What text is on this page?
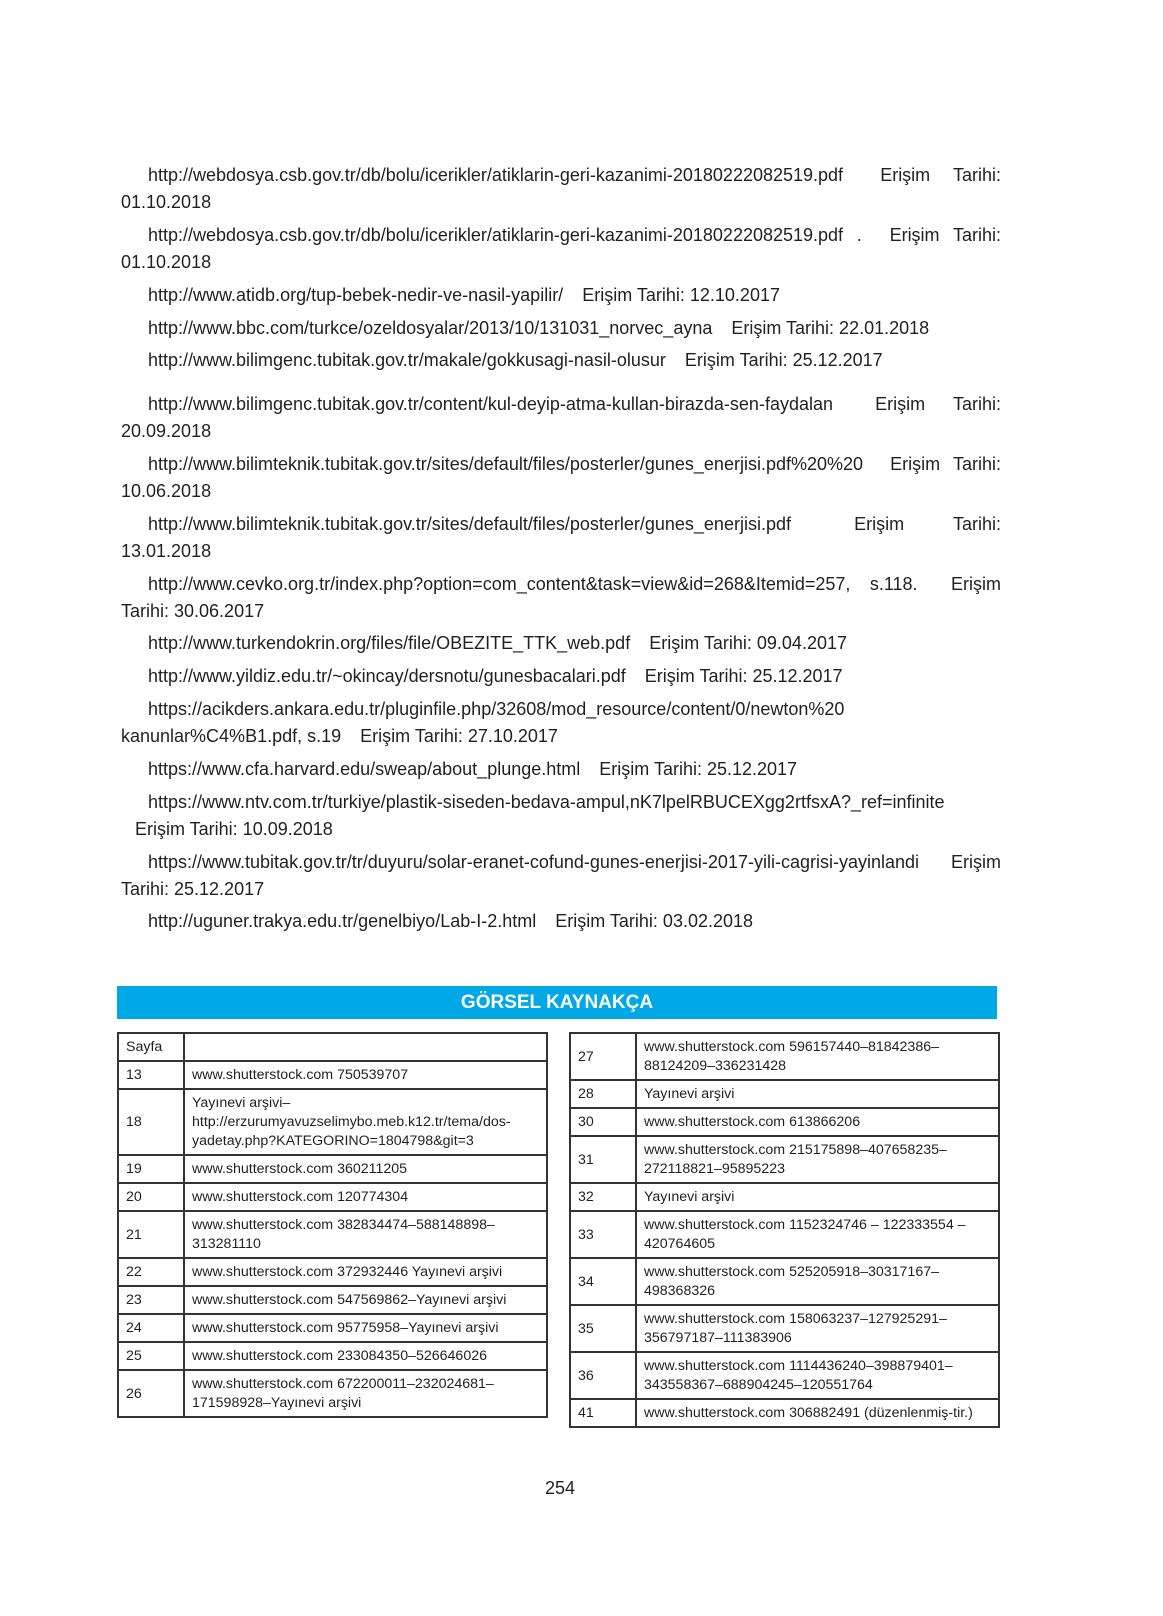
http://webdosya.csb.gov.tr/db/bolu/icerikler/atiklarin-geri-kazanimi-20180222082519.pdf Erişim Tarihi: 01.10.2018
http://webdosya.csb.gov.tr/db/bolu/icerikler/atiklarin-geri-kazanimi-20180222082519.pdf . Erişim Tarihi: 01.10.2018
http://www.atidb.org/tup-bebek-nedir-ve-nasil-yapilir/ Erişim Tarihi: 12.10.2017
http://www.bbc.com/turkce/ozeldosyalar/2013/10/131031_norvec_ayna Erişim Tarihi: 22.01.2018
http://www.bilimgenc.tubitak.gov.tr/makale/gokkusagi-nasil-olusur Erişim Tarihi: 25.12.2017
http://www.bilimgenc.tubitak.gov.tr/content/kul-deyip-atma-kullan-birazda-sen-faydalan Erişim Tarihi: 20.09.2018
http://www.bilimteknik.tubitak.gov.tr/sites/default/files/posterler/gunes_enerjisi.pdf%20%20 Erişim Tarihi: 10.06.2018
http://www.bilimteknik.tubitak.gov.tr/sites/default/files/posterler/gunes_enerjisi.pdf	Erişim Tarihi: 13.01.2018
http://www.cevko.org.tr/index.php?option=com_content&task=view&id=268&Itemid=257, s.118. Erişim Tarihi: 30.06.2017
http://www.turkendokrin.org/files/file/OBEZITE_TTK_web.pdf Erişim Tarihi: 09.04.2017
http://www.yildiz.edu.tr/~okincay/dersnotu/gunesbacalari.pdf Erişim Tarihi: 25.12.2017
https://acikders.ankara.edu.tr/pluginfile.php/32608/mod_resource/content/0/newton%20 kanunlar%C4%B1.pdf, s.19 Erişim Tarihi: 27.10.2017
https://www.cfa.harvard.edu/sweap/about_plunge.html Erişim Tarihi: 25.12.2017
https://www.ntv.com.tr/turkiye/plastik-siseden-bedava-ampul,nK7lpelRBUCEXgg2rtfsxA?_ref=infinite Erişim Tarihi: 10.09.2018
https://www.tubitak.gov.tr/tr/duyuru/solar-eranet-cofund-gunes-enerjisi-2017-yili-cagrisi-yayinlandi Erişim Tarihi: 25.12.2017
http://uguner.trakya.edu.tr/genelbiyo/Lab-I-2.html Erişim Tarihi: 03.02.2018
GÖRSEL KAYNAKÇA
Sayfa	
13	www.shutterstock.com 750539707
18	Yayınevi arşivi– http://erzurumyavuzselimybo.meb.k12.tr/tema/dos-yadetay.php?KATEGORINO=1804798&git=3
19	www.shutterstock.com 360211205
20	www.shutterstock.com 120774304
21	www.shutterstock.com 382834474–588148898–313281110
22	www.shutterstock.com 372932446 Yayınevi arşivi
23	www.shutterstock.com 547569862–Yayınevi arşivi
24	www.shutterstock.com 95775958–Yayınevi arşivi
25	www.shutterstock.com 233084350–526646026
26	www.shutterstock.com 672200011–232024681–171598928–Yayınevi arşivi
27	www.shutterstock.com 596157440–81842386–88124209–336231428
28	Yayınevi arşivi
30	www.shutterstock.com 613866206
31	www.shutterstock.com 215175898–407658235–272118821–95895223
32	Yayınevi arşivi
33	www.shutterstock.com 1152324746 – 122333554 – 420764605
34	www.shutterstock.com 525205918–30317167–498368326
35	www.shutterstock.com 158063237–127925291–356797187–111383906
36	www.shutterstock.com 1114436240–398879401–343558367–688904245–120551764
41	www.shutterstock.com 306882491 (düzenlenmiş-tir.)
254
